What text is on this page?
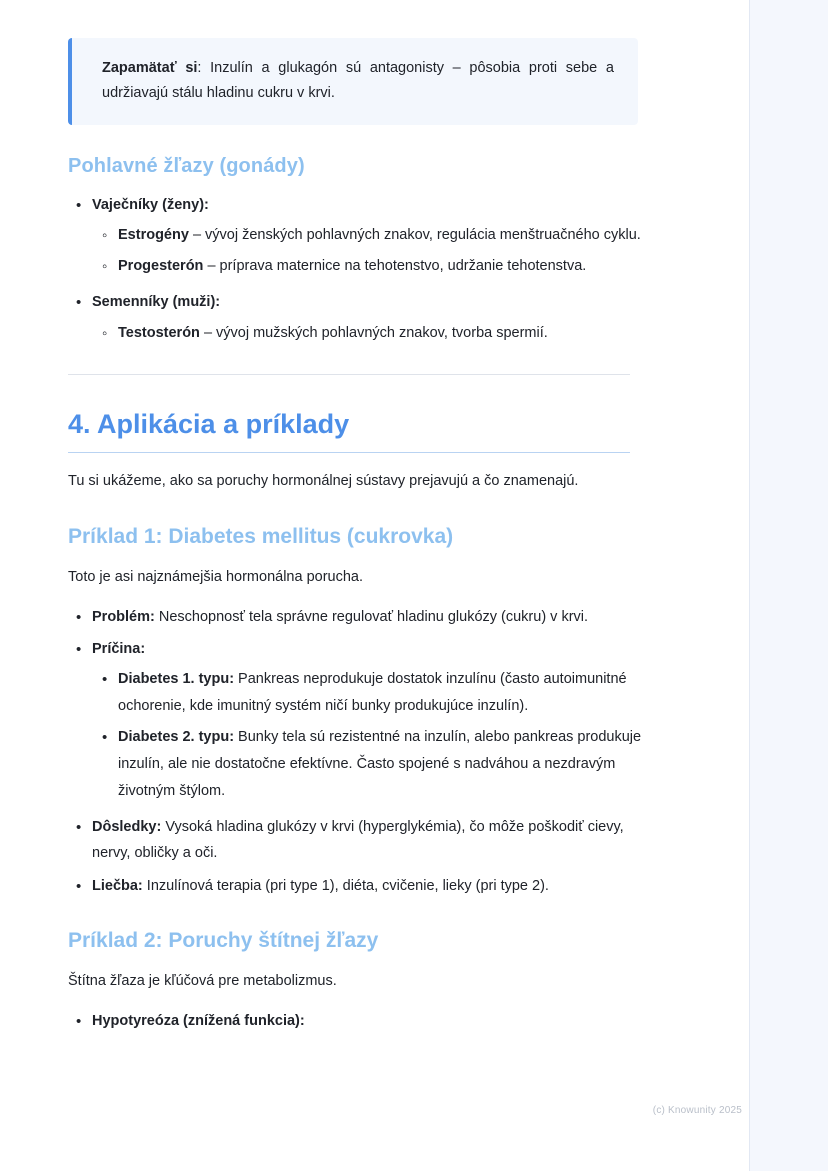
Zapamätať si: Inzulín a glukagón sú antagonisty – pôsobia proti sebe a udržiavajú stálu hladinu cukru v krvi.

Pohlavné žľazy (gonády)
• Vaječníky (ženy):
◦ Estrogény – vývoj ženských pohlavných znakov, regulácia menštruačného cyklu.
◦ Progesterón – príprava maternice na tehotenstvo, udržanie tehotenstva.
• Semenníky (muži):
◦ Testosterón – vývoj mužských pohlavných znakov, tvorba spermií.
4. Aplikácia a príklady

Tu si ukážeme, ako sa poruchy hormonálnej sústavy prejavujú a čo znamenajú.

Príklad 1: Diabetes mellitus (cukrovka)

Toto je asi najznámejšia hormonálna porucha.

• Problém: Neschopnosť tela správne regulovať hladinu glukózy (cukru) v krvi.
• Príčina:
• Diabetes 1. typu: Pankreas neprodukuje dostatok inzulínu (často autoimunitné ochorenie, kde imunitný systém ničí bunky produkujúce inzulín).
• Diabetes 2. typu: Bunky tela sú rezistentné na inzulín, alebo pankreas produkuje inzulín, ale nie dostatočne efektívne. Často spojené s nadváhou a nezdravým životným štýlom.
• Dôsledky: Vysoká hladina glukózy v krvi (hyperglykémia), čo môže poškodiť cievy, nervy, obličky a oči.
• Liečba: Inzulínová terapia (pri type 1), diéta, cvičenie, lieky (pri type 2).
Príklad 2: Poruchy štítnej žľazy

Štítna žľaza je kľúčová pre metabolizmus.

• Hypotyreóza (znížená funkcia):
(c) Knowunity 2025
